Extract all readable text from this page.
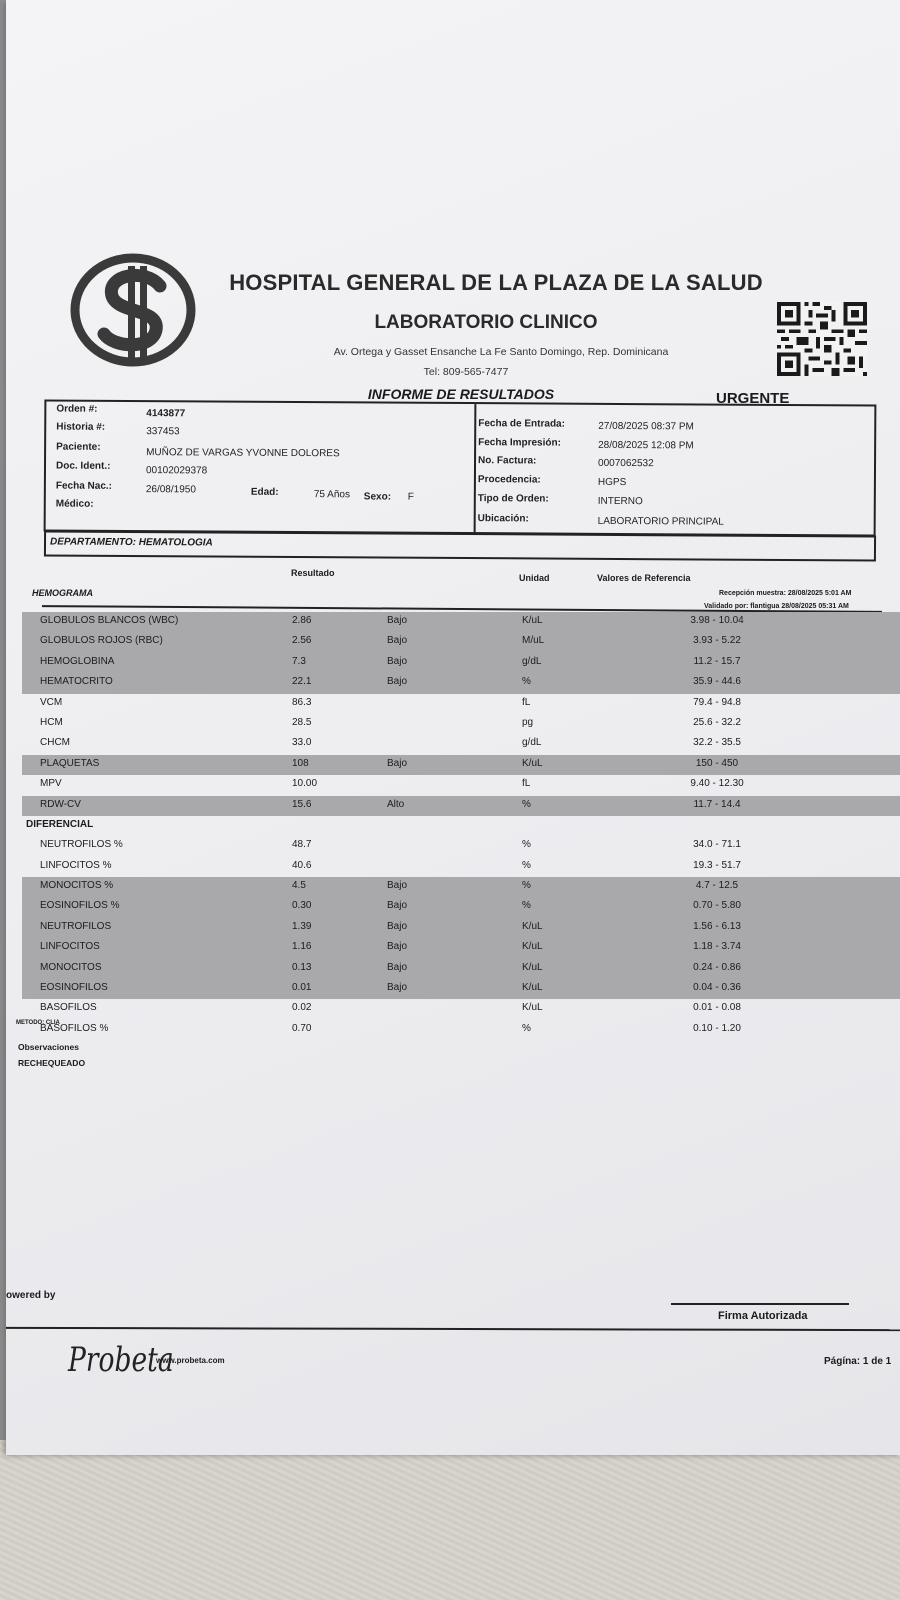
HOSPITAL GENERAL DE LA PLAZA DE LA SALUD
LABORATORIO CLINICO
Av. Ortega y Gasset Ensanche La Fe Santo Domingo, Rep. Dominicana
Tel: 809-565-7477
INFORME DE RESULTADOS	URGENTE
Orden #:	4143877
Historia #:	337453
Paciente:	MUÑOZ DE VARGAS YVONNE DOLORES
Doc. Ident.:	00102029378
Fecha Nac.:	26/08/1950	Edad:	75 Años Sexo: F
Médico:
Fecha de Entrada:	27/08/2025 08:37 PM
Fecha Impresión:	28/08/2025 12:08 PM
No. Factura:	0007062532
Procedencia:	HGPS
Tipo de Orden:	INTERNO
Ubicación:	LABORATORIO PRINCIPAL
DEPARTAMENTO: HEMATOLOGIA
Resultado	Unidad	Valores de Referencia
HEMOGRAMA	Recepción muestra: 28/08/2025 5:01 AM
Validado por: flantigua 28/08/2025 05:31 AM
GLOBULOS BLANCOS (WBC)	2.86	Bajo	K/uL	3.98 - 10.04
GLOBULOS ROJOS (RBC)	2.56	Bajo	M/uL	3.93 - 5.22
HEMOGLOBINA	7.3	Bajo	g/dL	11.2 - 15.7
HEMATOCRITO	22.1	Bajo	%	35.9 - 44.6
VCM	86.3	fL	79.4 - 94.8
HCM	28.5	pg	25.6 - 32.2
CHCM	33.0	g/dL	32.2 - 35.5
PLAQUETAS	108	Bajo	K/uL	150 - 450
MPV	10.00	fL	9.40 - 12.30
RDW-CV	15.6	Alto	%	11.7 - 14.4
DIFERENCIAL
NEUTROFILOS %	48.7	%	34.0 - 71.1
LINFOCITOS %	40.6	%	19.3 - 51.7
MONOCITOS %	4.5	Bajo	%	4.7 - 12.5
EOSINOFILOS %	0.30	Bajo	%	0.70 - 5.80
NEUTROFILOS	1.39	Bajo	K/uL	1.56 - 6.13
LINFOCITOS	1.16	Bajo	K/uL	1.18 - 3.74
MONOCITOS	0.13	Bajo	K/uL	0.24 - 0.86
EOSINOFILOS	0.01	Bajo	K/uL	0.04 - 0.36
BASOFILOS	0.02	K/uL	0.01 - 0.08
BASOFILOS %	0.70	%	0.10 - 1.20
METODO: CLIA
Observaciones
RECHEQUEADO
Firma Autorizada
owered by
Probeta
www.probeta.com	Págína: 1 de 1
